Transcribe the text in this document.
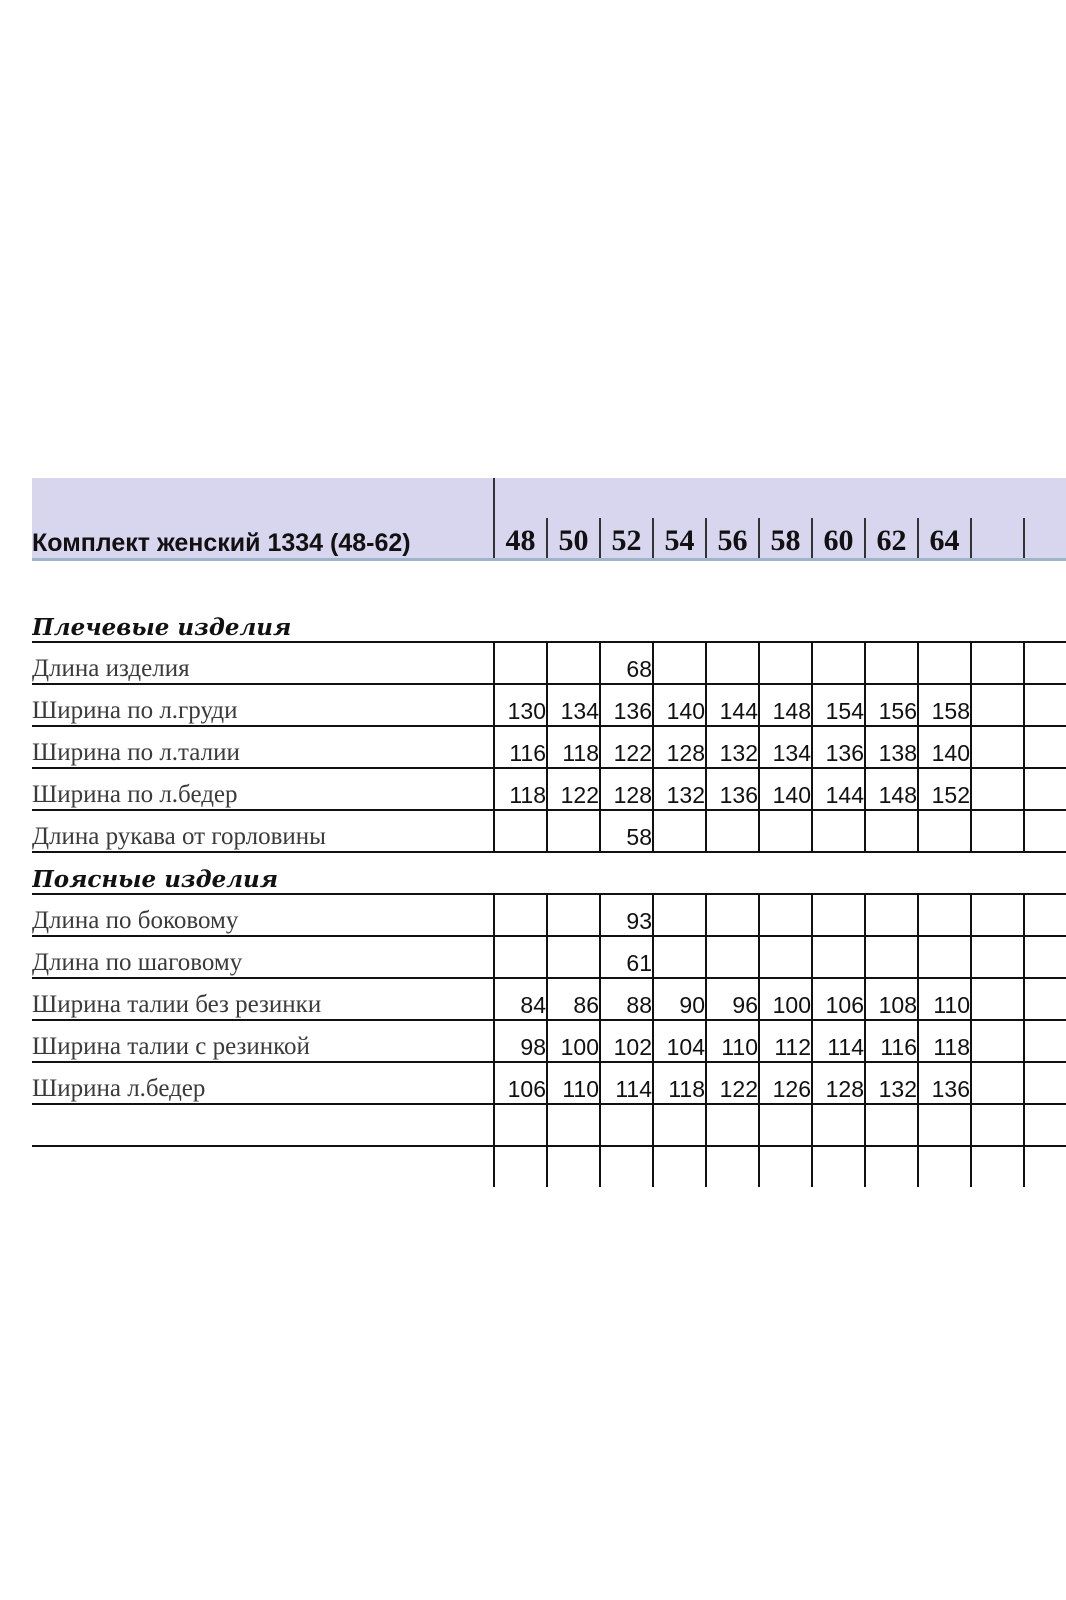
Комплект женский 1334 (48-62)	48	50	52	54	56	58	60	62	64		

Плечевые изделия											
Длина изделия			68								
Ширина по л.груди	130	134	136	140	144	148	154	156	158		
Ширина по л.талии	116	118	122	128	132	134	136	138	140		
Ширина по л.бедер	118	122	128	132	136	140	144	148	152		
Длина рукава от горловины			58								
Поясные изделия											
Длина по боковому			93								
Длина по шаговому			61								
Ширина талии без резинки	84	86	88	90	96	100	106	108	110		
Ширина талии с резинкой	98	100	102	104	110	112	114	116	118		
Ширина л.бедер	106	110	114	118	122	126	128	132	136		
